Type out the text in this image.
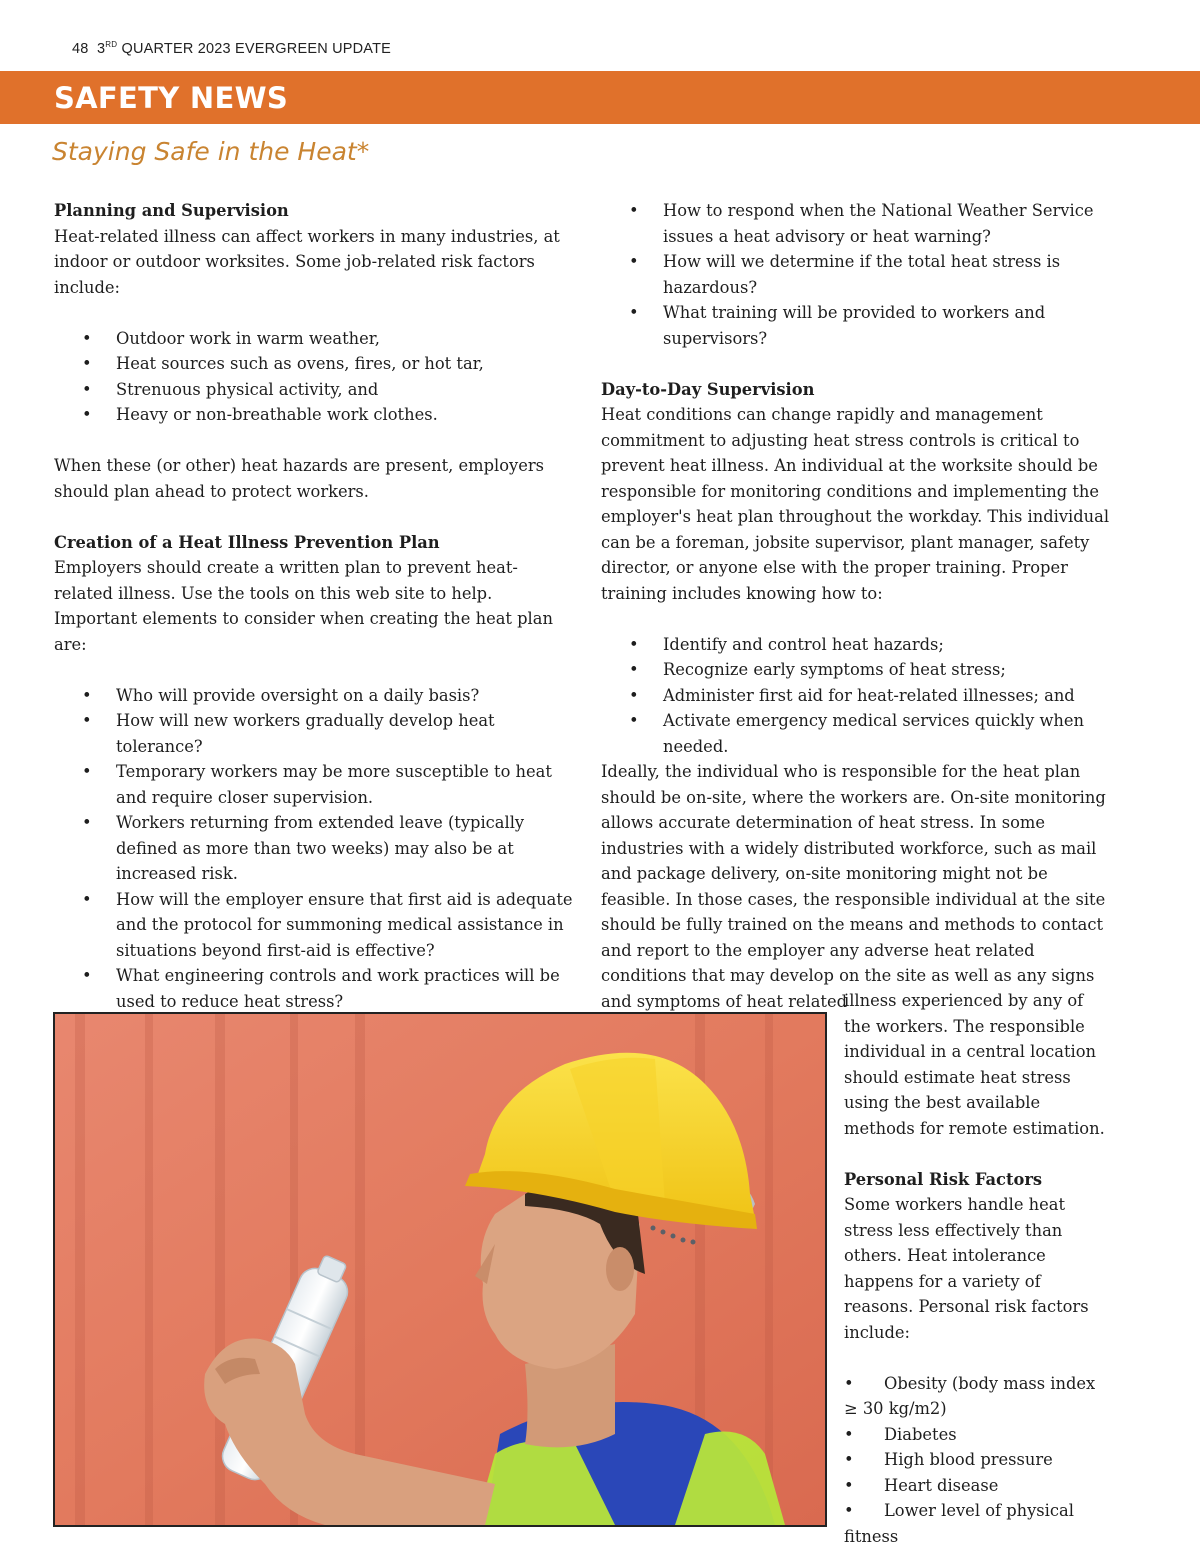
48 3RD QUARTER 2023 EVERGREEN UPDATE
SAFETY NEWS
Staying Safe in the Heat*

Planning and Supervision

Heat-related illness can affect workers in many industries, at indoor or outdoor worksites. Some job-related risk factors include:

• Outdoor work in warm weather,
• Heat sources such as ovens, fires, or hot tar,
• Strenuous physical activity, and
• Heavy or non-breathable work clothes.

When these (or other) heat hazards are present, employers should plan ahead to protect workers.

Creation of a Heat Illness Prevention Plan

Employers should create a written plan to prevent heat-related illness. Use the tools on this web site to help. Important elements to consider when creating the heat plan are:

• Who will provide oversight on a daily basis?
• How will new workers gradually develop heat tolerance?
• Temporary workers may be more susceptible to heat and require closer supervision.
• Workers returning from extended leave (typically defined as more than two weeks) may also be at increased risk.
• How will the employer ensure that first aid is adequate and the protocol for summoning medical assistance in situations beyond first-aid is effective?
• What engineering controls and work practices will be used to reduce heat stress?
•
• How to respond when the National Weather Service issues a heat advisory or heat warning?
• How will we determine if the total heat stress is hazardous?
• What training will be provided to workers and supervisors?

Day-to-Day Supervision

Heat conditions can change rapidly and management commitment to adjusting heat stress controls is critical to prevent heat illness. An individual at the worksite should be responsible for monitoring conditions and implementing the employer's heat plan throughout the workday. This individual can be a foreman, jobsite supervisor, plant manager, safety director, or anyone else with the proper training. Proper training includes knowing how to:

• Identify and control heat hazards;
• Recognize early symptoms of heat stress;
• Administer first aid for heat-related illnesses; and
• Activate emergency medical services quickly when needed.

Ideally, the individual who is responsible for the heat plan should be on-site, where the workers are. On-site monitoring allows accurate determination of heat stress. In some industries with a widely distributed workforce, such as mail and package delivery, on-site monitoring might not be feasible. In those cases, the responsible individual at the site should be fully trained on the means and methods to contact and report to the employer any adverse heat related conditions that may develop on the site as well as any signs and symptoms of heat related

illness experienced by any of the workers. The responsible individual in a central location should estimate heat stress using the best available methods for remote estimation.

Personal Risk Factors

Some workers handle heat stress less effectively than others. Heat intolerance happens for a variety of reasons. Personal risk factors include:

• Obesity (body mass index ≥ 30 kg/m2)
• Diabetes
• High blood pressure
• Heart disease
• Lower level of physical fitness
